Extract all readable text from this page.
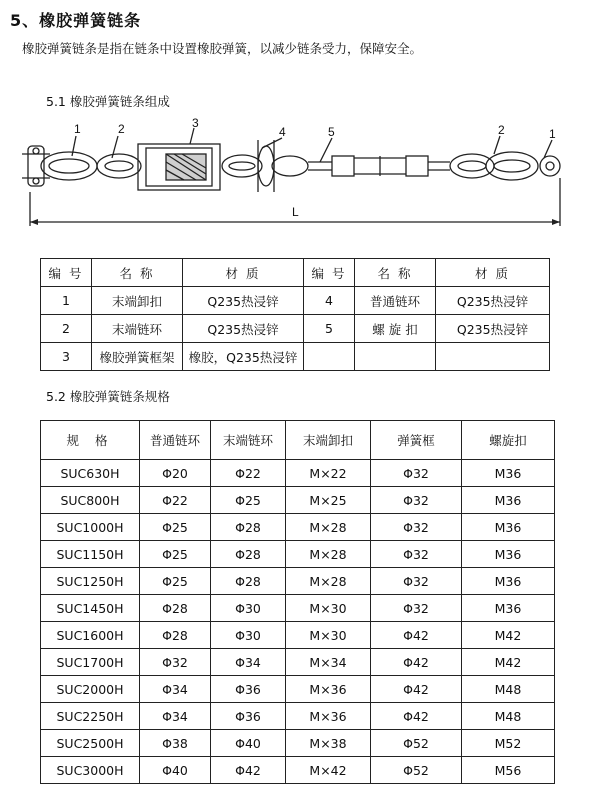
5、橡胶弹簧链条
橡胶弹簧链条是指在链条中设置橡胶弹簧，以减少链条受力，保障安全。
5.1 橡胶弹簧链条组成
1	2	3
4	5	2	1
L
编 号	名 称	材 质	编 号	名 称	材 质
1	末端卸扣	Q235热浸锌	4	普通链环	Q235热浸锌
2	末端链环	Q235热浸锌	5	螺 旋 扣	Q235热浸锌
3	橡胶弹簧框架	橡胶，Q235热浸锌			
5.2 橡胶弹簧链条规格
规 格	普通链环	末端链环	末端卸扣	弹簧框	螺旋扣
SUC630H	Φ20	Φ22	M×22	Φ32	M36
SUC800H	Φ22	Φ25	M×25	Φ32	M36
SUC1000H	Φ25	Φ28	M×28	Φ32	M36
SUC1150H	Φ25	Φ28	M×28	Φ32	M36
SUC1250H	Φ25	Φ28	M×28	Φ32	M36
SUC1450H	Φ28	Φ30	M×30	Φ32	M36
SUC1600H	Φ28	Φ30	M×30	Φ42	M42
SUC1700H	Φ32	Φ34	M×34	Φ42	M42
SUC2000H	Φ34	Φ36	M×36	Φ42	M48
SUC2250H	Φ34	Φ36	M×36	Φ42	M48
SUC2500H	Φ38	Φ40	M×38	Φ52	M52
SUC3000H	Φ40	Φ42	M×42	Φ52	M56
